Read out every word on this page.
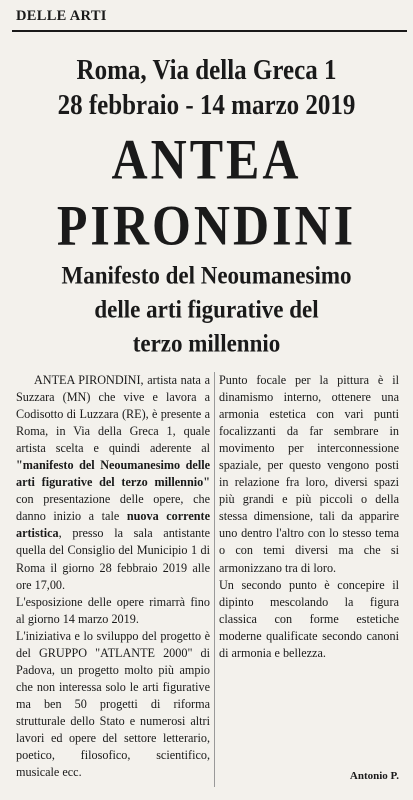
DELLE ARTI
Roma, Via della Greca 1
28 febbraio - 14 marzo 2019
ANTEA
PIRONDINI
Manifesto del Neoumanesimo
delle arti figurative del
terzo millennio

ANTEA PIRONDINI, artista nata a Suzzara (MN) che vive e lavora a Codisotto di Luzzara (RE), è presente a Roma, in Via della Greca 1, quale artista scelta e quindi aderente al "manifesto del Neoumanesimo delle arti figurative del terzo millennio" con presentazione delle opere, che danno inizio a tale nuova corrente artistica, presso la sala antistante quella del Consiglio del Municipio 1 di Roma il giorno 28 febbraio 2019 alle ore 17,00.

L'esposizione delle opere rimarrà fino al giorno 14 marzo 2019.

L'iniziativa e lo sviluppo del progetto è del GRUPPO "ATLANTE 2000" di Padova, un progetto molto più ampio che non interessa solo le arti figurative ma ben 50 progetti di riforma strutturale dello Stato e numerosi altri lavori ed opere del settore letterario, poetico, filosofico, scientifico, musicale ecc.

Punto focale per la pittura è il dinamismo interno, ottenere una armonia estetica con vari punti focalizzanti da far sembrare in movimento per interconnessione spaziale, per questo vengono posti in relazione fra loro, diversi spazi più grandi e più piccoli o della stessa dimensione, tali da apparire uno dentro l'altro con lo stesso tema o con temi diversi ma che si armonizzano tra di loro.

Un secondo punto è concepire il dipinto mescolando la figura classica con forme estetiche moderne qualificate secondo canoni di armonia e bellezza.

Antonio P.
